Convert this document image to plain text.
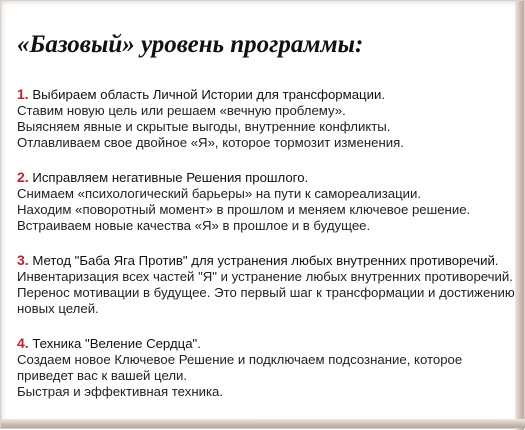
«Базовый» уровень программы:
1. Выбираем область Личной Истории для трансформации.
Ставим новую цель или решаем «вечную проблему».
Выясняем явные и скрытые выгоды, внутренние конфликты.
Отлавливаем свое двойное «Я», которое тормозит изменения.
2. Исправляем негативные Решения прошлого.
Снимаем «психологический барьеры» на пути к самореализации.
Находим «поворотный момент» в прошлом и меняем ключевое решение.
Встраиваем новые качества «Я» в прошлое и в будущее.
3. Метод "Баба Яга Против" для устранения любых внутренних противоречий.
Инвентаризация всех частей "Я" и устранение любых внутренних противоречий.
Перенос мотивации в будущее. Это первый шаг к трансформации и достижению новых целей.
4. Техника "Веление Сердца".
Создаем новое Ключевое Решение и подключаем подсознание, которое приведет вас к вашей цели.
Быстрая и эффективная техника.
